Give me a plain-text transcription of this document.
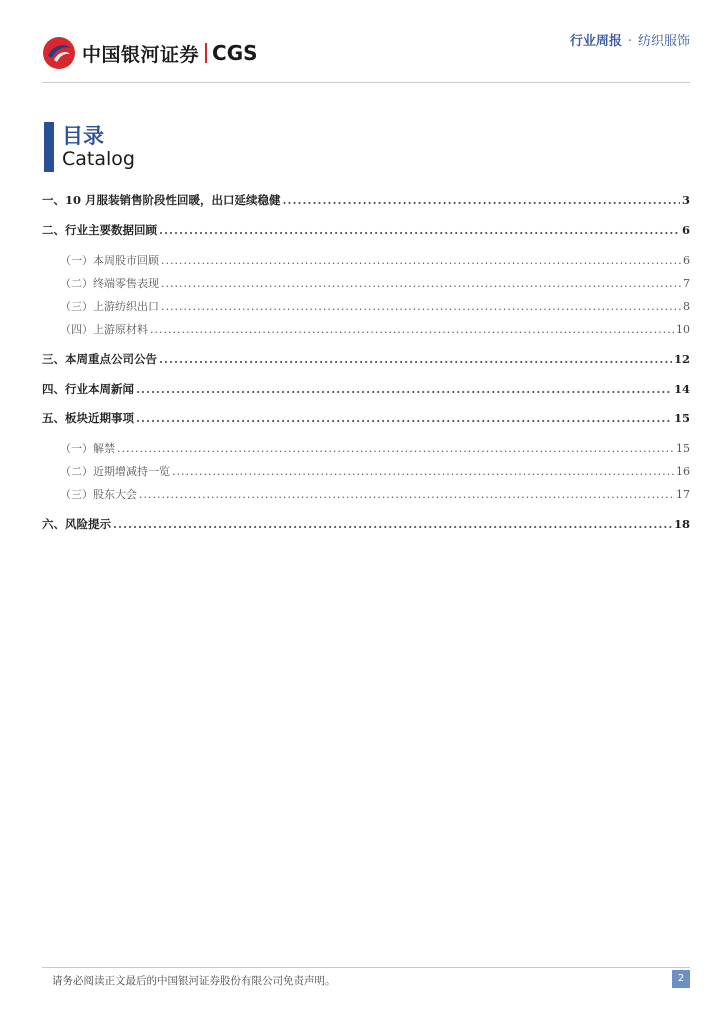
中国银河证券 CGS	行业周报 · 纺织服饰
目录
Catalog
一、 10 月服装销售阶段性回暖，出口延续稳健 .....	3
二、 行业主要数据回顾 .....	6
（一） 本周股市回顾 .....	6
（二） 终端零售表现 .....	7
（三） 上游纺织出口 .....	8
（四） 上游原材料 .....	10
三、 本周重点公司公告 .....	12
四、 行业本周新闻 .....	14
五、 板块近期事项 .....	15
（一） 解禁 .....	15
（二） 近期增减持一览 .....	16
（三） 股东大会 .....	17
六、 风险提示 .....	18
请务必阅读正文最后的中国银河证券股份有限公司免责声明。	2
